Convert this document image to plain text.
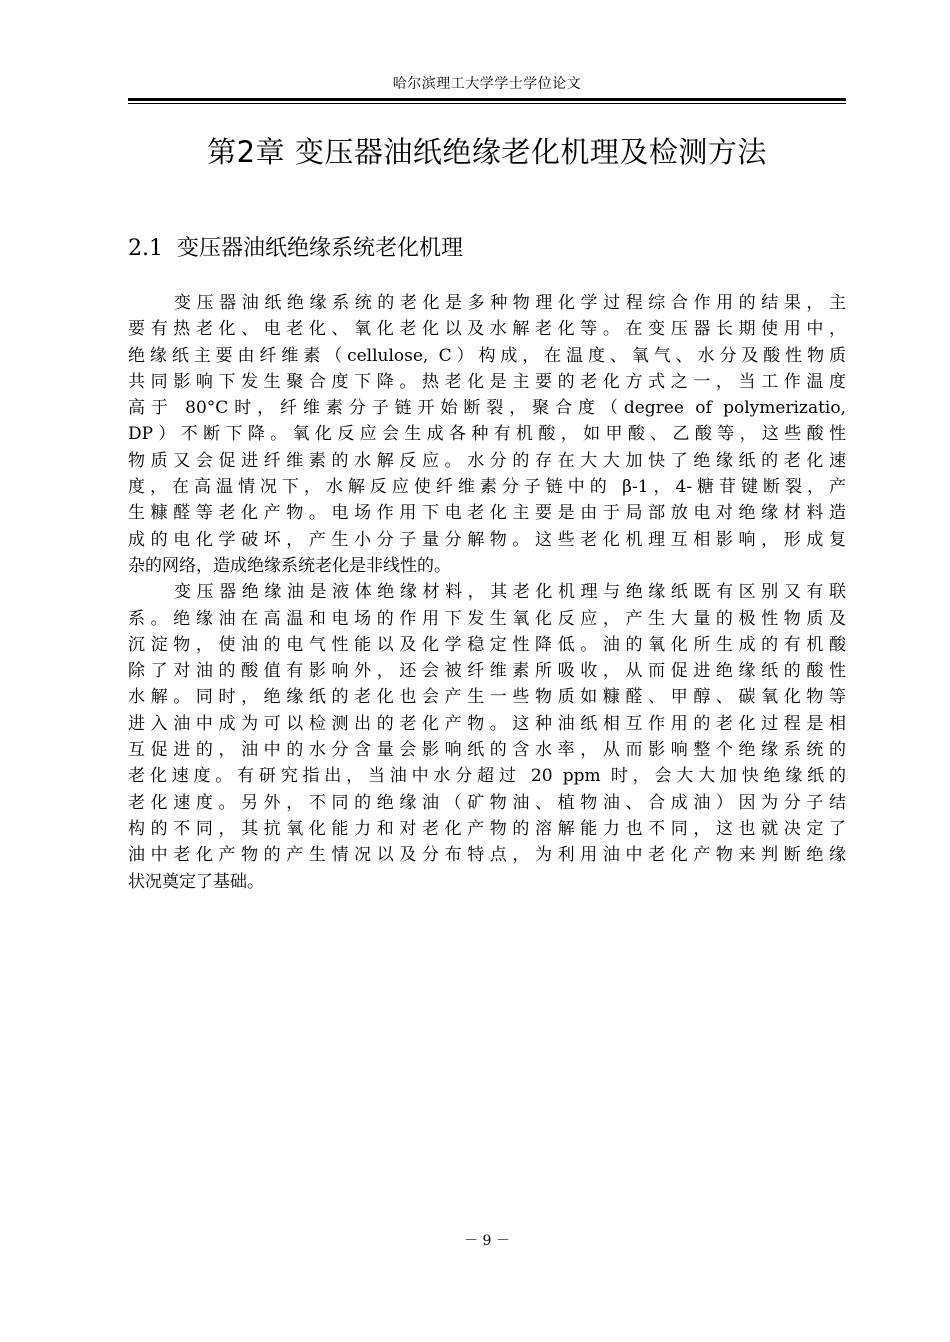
哈尔滨理工大学学士学位论文
第2章 变压器油纸绝缘老化机理及检测方法
2.1 变压器油纸绝缘系统老化机理
变压器油纸绝缘系统的老化是多种物理化学过程综合作用的结果，主
要有热老化、电老化、氧化老化以及水解老化等。在变压器长期使用中，
绝缘纸主要由纤维素（cellulose, C）构成，在温度、氧气、水分及酸性物质
共同影响下发生聚合度下降。热老化是主要的老化方式之一，当工作温度
高于 80°C时，纤维素分子链开始断裂，聚合度（degree of polymerizatio,
DP）不断下降。氧化反应会生成各种有机酸，如甲酸、乙酸等，这些酸性
物质又会促进纤维素的水解反应。水分的存在大大加快了绝缘纸的老化速
度，在高温情况下，水解反应使纤维素分子链中的 β-1，4-糖苷键断裂，产
生糠醛等老化产物。电场作用下电老化主要是由于局部放电对绝缘材料造
成的电化学破坏，产生小分子量分解物。这些老化机理互相影响，形成复
杂的网络，造成绝缘系统老化是非线性的。
变压器绝缘油是液体绝缘材料，其老化机理与绝缘纸既有区别又有联
系。绝缘油在高温和电场的作用下发生氧化反应，产生大量的极性物质及
沉淀物，使油的电气性能以及化学稳定性降低。油的氧化所生成的有机酸
除了对油的酸值有影响外，还会被纤维素所吸收，从而促进绝缘纸的酸性
水解。同时，绝缘纸的老化也会产生一些物质如糠醛、甲醇、碳氧化物等
进入油中成为可以检测出的老化产物。这种油纸相互作用的老化过程是相
互促进的，油中的水分含量会影响纸的含水率，从而影响整个绝缘系统的
老化速度。有研究指出，当油中水分超过 20 ppm 时，会大大加快绝缘纸的
老化速度。另外，不同的绝缘油（矿物油、植物油、合成油）因为分子结
构的不同，其抗氧化能力和对老化产物的溶解能力也不同，这也就决定了
油中老化产物的产生情况以及分布特点，为利用油中老化产物来判断绝缘
状况奠定了基础。
－ 9 －
